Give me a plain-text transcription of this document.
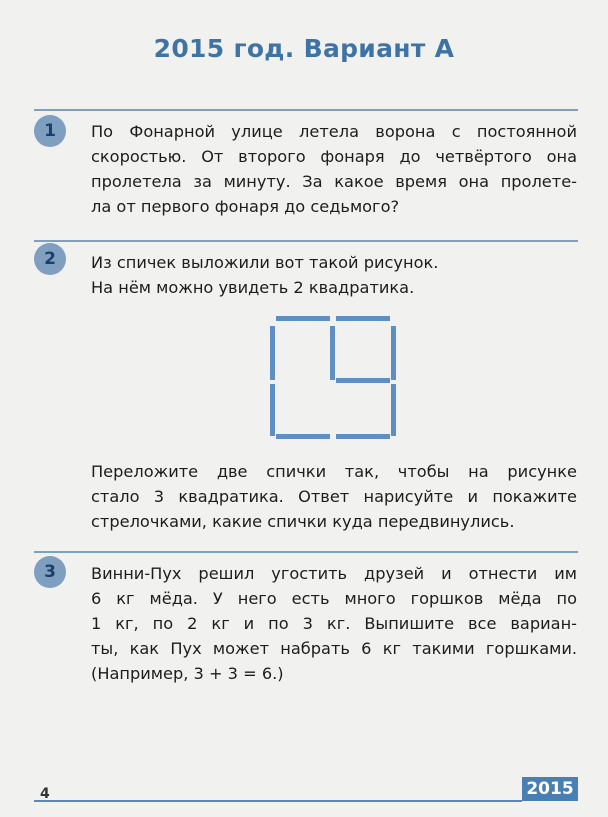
2015 год. Вариант А
1	По Фонарной улице летела ворона с постоянной
скоростью. От второго фонаря до четвёртого она
пролетела за минуту. За какое время она пролете-
ла от первого фонаря до седьмого?
2	Из спичек выложили вот такой рисунок.
На нём можно увидеть 2 квадратика.
Переложите две спички так, чтобы на рисунке
стало 3 квадратика. Ответ нарисуйте и покажите
стрелочками, какие спички куда передвинулись.
3	Винни-Пух решил угостить друзей и отнести им
6 кг мёда. У него есть много горшков мёда по
1 кг, по 2 кг и по 3 кг. Выпишите все вариан-
ты, как Пух может набрать 6 кг такими горшками.
(Например, 3 + 3 = 6.)
4	2015
